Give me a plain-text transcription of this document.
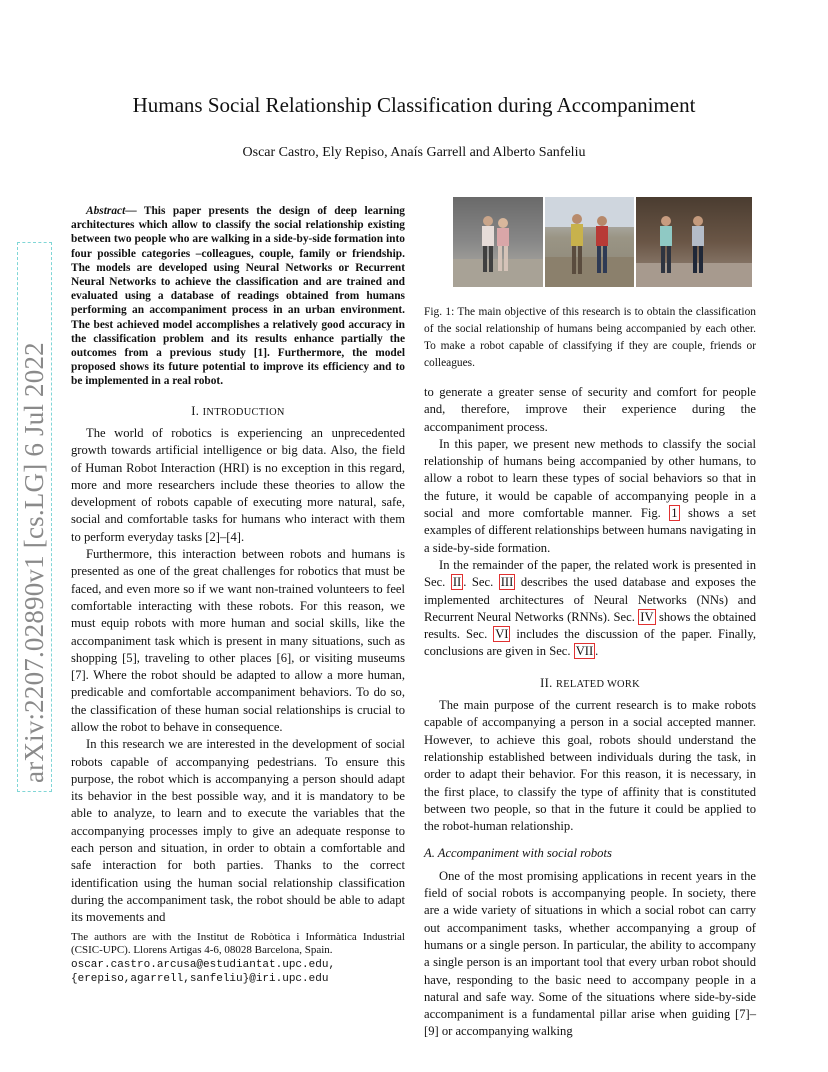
arXiv:2207.02890v1 [cs.LG] 6 Jul 2022
Humans Social Relationship Classification during Accompaniment
Oscar Castro, Ely Repiso, Anaís Garrell and Alberto Sanfeliu

Abstract— This paper presents the design of deep learning architectures which allow to classify the social relationship existing between two people who are walking in a side-by-side formation into four possible categories –colleagues, couple, family or friendship. The models are developed using Neural Networks or Recurrent Neural Networks to achieve the classification and are trained and evaluated using a database of readings obtained from humans performing an accompaniment process in an urban environment. The best achieved model accomplishes a relatively good accuracy in the classification problem and its results enhance partially the outcomes from a previous study [1]. Furthermore, the model proposed shows its future potential to improve its efficiency and to be implemented in a real robot.

I. INTRODUCTION

The world of robotics is experiencing an unprecedented growth towards artificial intelligence or big data. Also, the field of Human Robot Interaction (HRI) is no exception in this regard, more and more researchers include these theories to allow the development of robots capable of executing more natural, safe, social and comfortable tasks for humans who interact with them to perform everyday tasks [2]–[4].

Furthermore, this interaction between robots and humans is presented as one of the great challenges for robotics that must be faced, and even more so if we want non-trained volunteers to feel comfortable interacting with these robots. For this reason, we must equip robots with more human and social skills, like the accompaniment task which is present in many situations, such as shopping [5], traveling to other places [6], or visiting museums [7]. Where the robot should be adapted to allow a more human, predicable and comfortable accompaniment behaviors. To do so, the classification of these human social relationships is crucial to allow the robot to behave in consequence.

In this research we are interested in the development of social robots capable of accompanying pedestrians. To ensure this purpose, the robot which is accompanying a person should adapt its behavior in the best possible way, and it is mandatory to be able to analyze, to learn and to execute the variables that the accompanying processes imply to give an adequate response to each person and situation, in order to obtain a comfortable and safe interaction for both parties. Thanks to the correct identification using the human social relationship classification during the accompaniment task, the robot should be able to adapt its movements and

The authors are with the Institut de Robòtica i Informàtica Industrial (CSIC-UPC). Llorens Artigas 4-6, 08028 Barcelona, Spain.
oscar.castro.arcusa@estudiantat.upc.edu,
{erepiso,agarrell,sanfeliu}@iri.upc.edu
Fig. 1: The main objective of this research is to obtain the classification of the social relationship of humans being accompanied by each other. To make a robot capable of classifying if they are couple, friends or colleagues.

to generate a greater sense of security and comfort for people and, therefore, improve their experience during the accompaniment process.

In this paper, we present new methods to classify the social relationship of humans being accompanied by other humans, to allow a robot to learn these types of social behaviors so that in the future, it would be capable of accompanying people in a social and more comfortable manner. Fig. 1 shows a set examples of different relationships between humans navigating in a side-by-side formation.

In the remainder of the paper, the related work is presented in Sec. II . Sec. III describes the used database and exposes the implemented architectures of Neural Networks (NNs) and Recurrent Neural Networks (RNNs). Sec. IV shows the obtained results. Sec. VI includes the discussion of the paper. Finally, conclusions are given in Sec. VII .

II. RELATED WORK

The main purpose of the current research is to make robots capable of accompanying a person in a social accepted manner. However, to achieve this goal, robots should understand the relationship established between individuals during the task, in order to adapt their behavior. For this reason, it is necessary, in the first place, to classify the type of affinity that is constituted between two people, so that in the future it could be applied to the robot-human relationship.

A. Accompaniment with social robots

One of the most promising applications in recent years in the field of social robots is accompanying people. In society, there are a wide variety of situations in which a social robot can carry out accompaniment tasks, whether accompanying a group of humans or a single person. In particular, the ability to accompany a single person is an important tool that every urban robot should have, responding to the basic need to accompany people in a natural and safe way. Some of the situations where side-by-side accompaniment is a fundamental pillar arise when guiding [7]–[9] or accompanying walking
